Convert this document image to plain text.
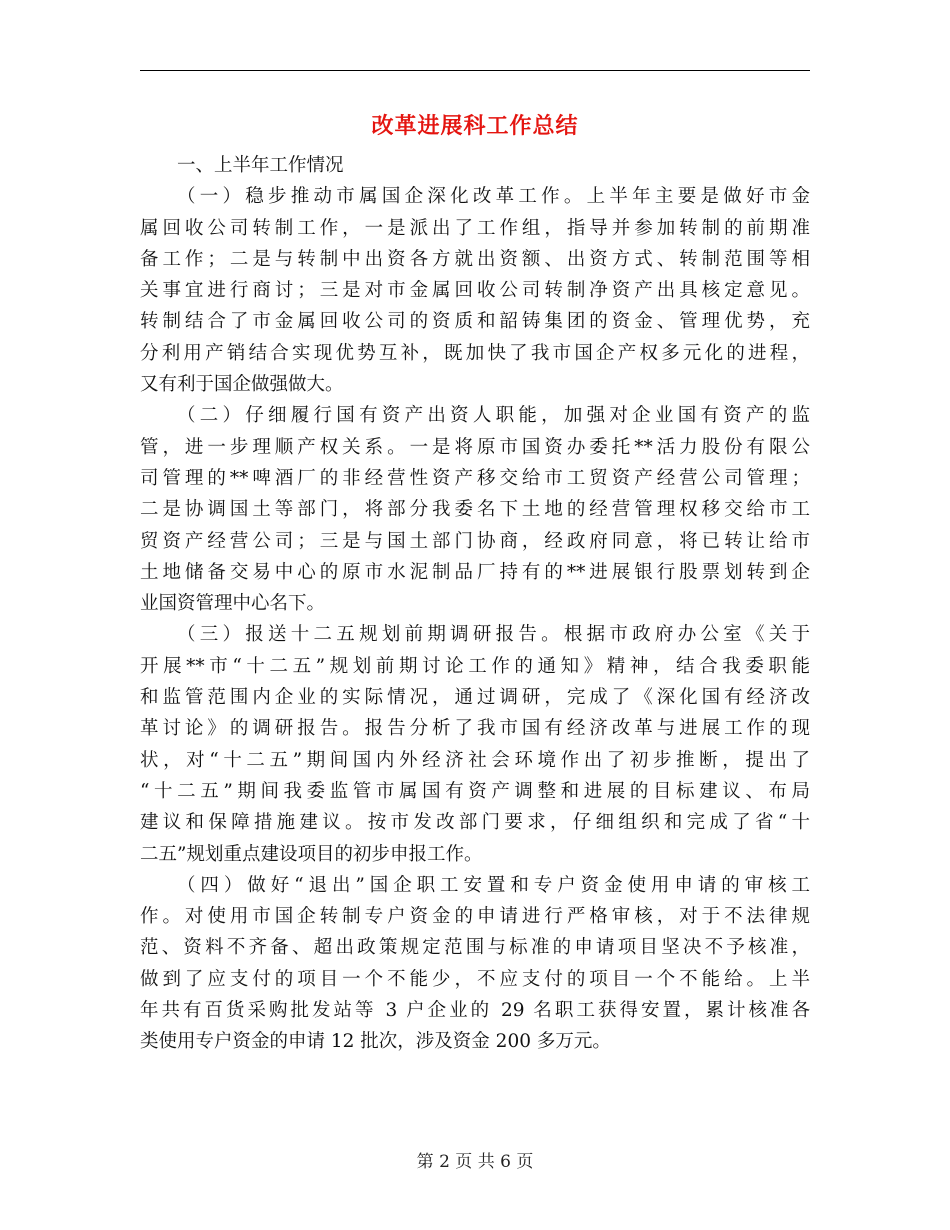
改革进展科工作总结
一、上半年工作情况
（一）稳步推动市属国企深化改革工作。上半年主要是做好市金
属回收公司转制工作，一是派出了工作组，指导并参加转制的前期准
备工作；二是与转制中出资各方就出资额、出资方式、转制范围等相
关事宜进行商讨；三是对市金属回收公司转制净资产出具核定意见。
转制结合了市金属回收公司的资质和韶铸集团的资金、管理优势，充
分利用产销结合实现优势互补，既加快了我市国企产权多元化的进程，
又有利于国企做强做大。
（二）仔细履行国有资产出资人职能，加强对企业国有资产的监
管，进一步理顺产权关系。一是将原市国资办委托**活力股份有限公
司管理的**啤酒厂的非经营性资产移交给市工贸资产经营公司管理；
二是协调国土等部门，将部分我委名下土地的经营管理权移交给市工
贸资产经营公司；三是与国土部门协商，经政府同意，将已转让给市
土地储备交易中心的原市水泥制品厂持有的**进展银行股票划转到企
业国资管理中心名下。
（三）报送十二五规划前期调研报告。根据市政府办公室《关于
开展**市“十二五”规划前期讨论工作的通知》精神，结合我委职能
和监管范围内企业的实际情况，通过调研，完成了《深化国有经济改
革讨论》的调研报告。报告分析了我市国有经济改革与进展工作的现
状，对“十二五”期间国内外经济社会环境作出了初步推断，提出了
“十二五”期间我委监管市属国有资产调整和进展的目标建议、布局
建议和保障措施建议。按市发改部门要求，仔细组织和完成了省“十
二五”规划重点建设项目的初步申报工作。
（四）做好“退出”国企职工安置和专户资金使用申请的审核工
作。对使用市国企转制专户资金的申请进行严格审核，对于不法律规
范、资料不齐备、超出政策规定范围与标准的申请项目坚决不予核准，
做到了应支付的项目一个不能少，不应支付的项目一个不能给。上半
年共有百货采购批发站等 3 户企业的 29 名职工获得安置，累计核准各
类使用专户资金的申请 12 批次，涉及资金 200 多万元。
第 2 页 共 6 页
